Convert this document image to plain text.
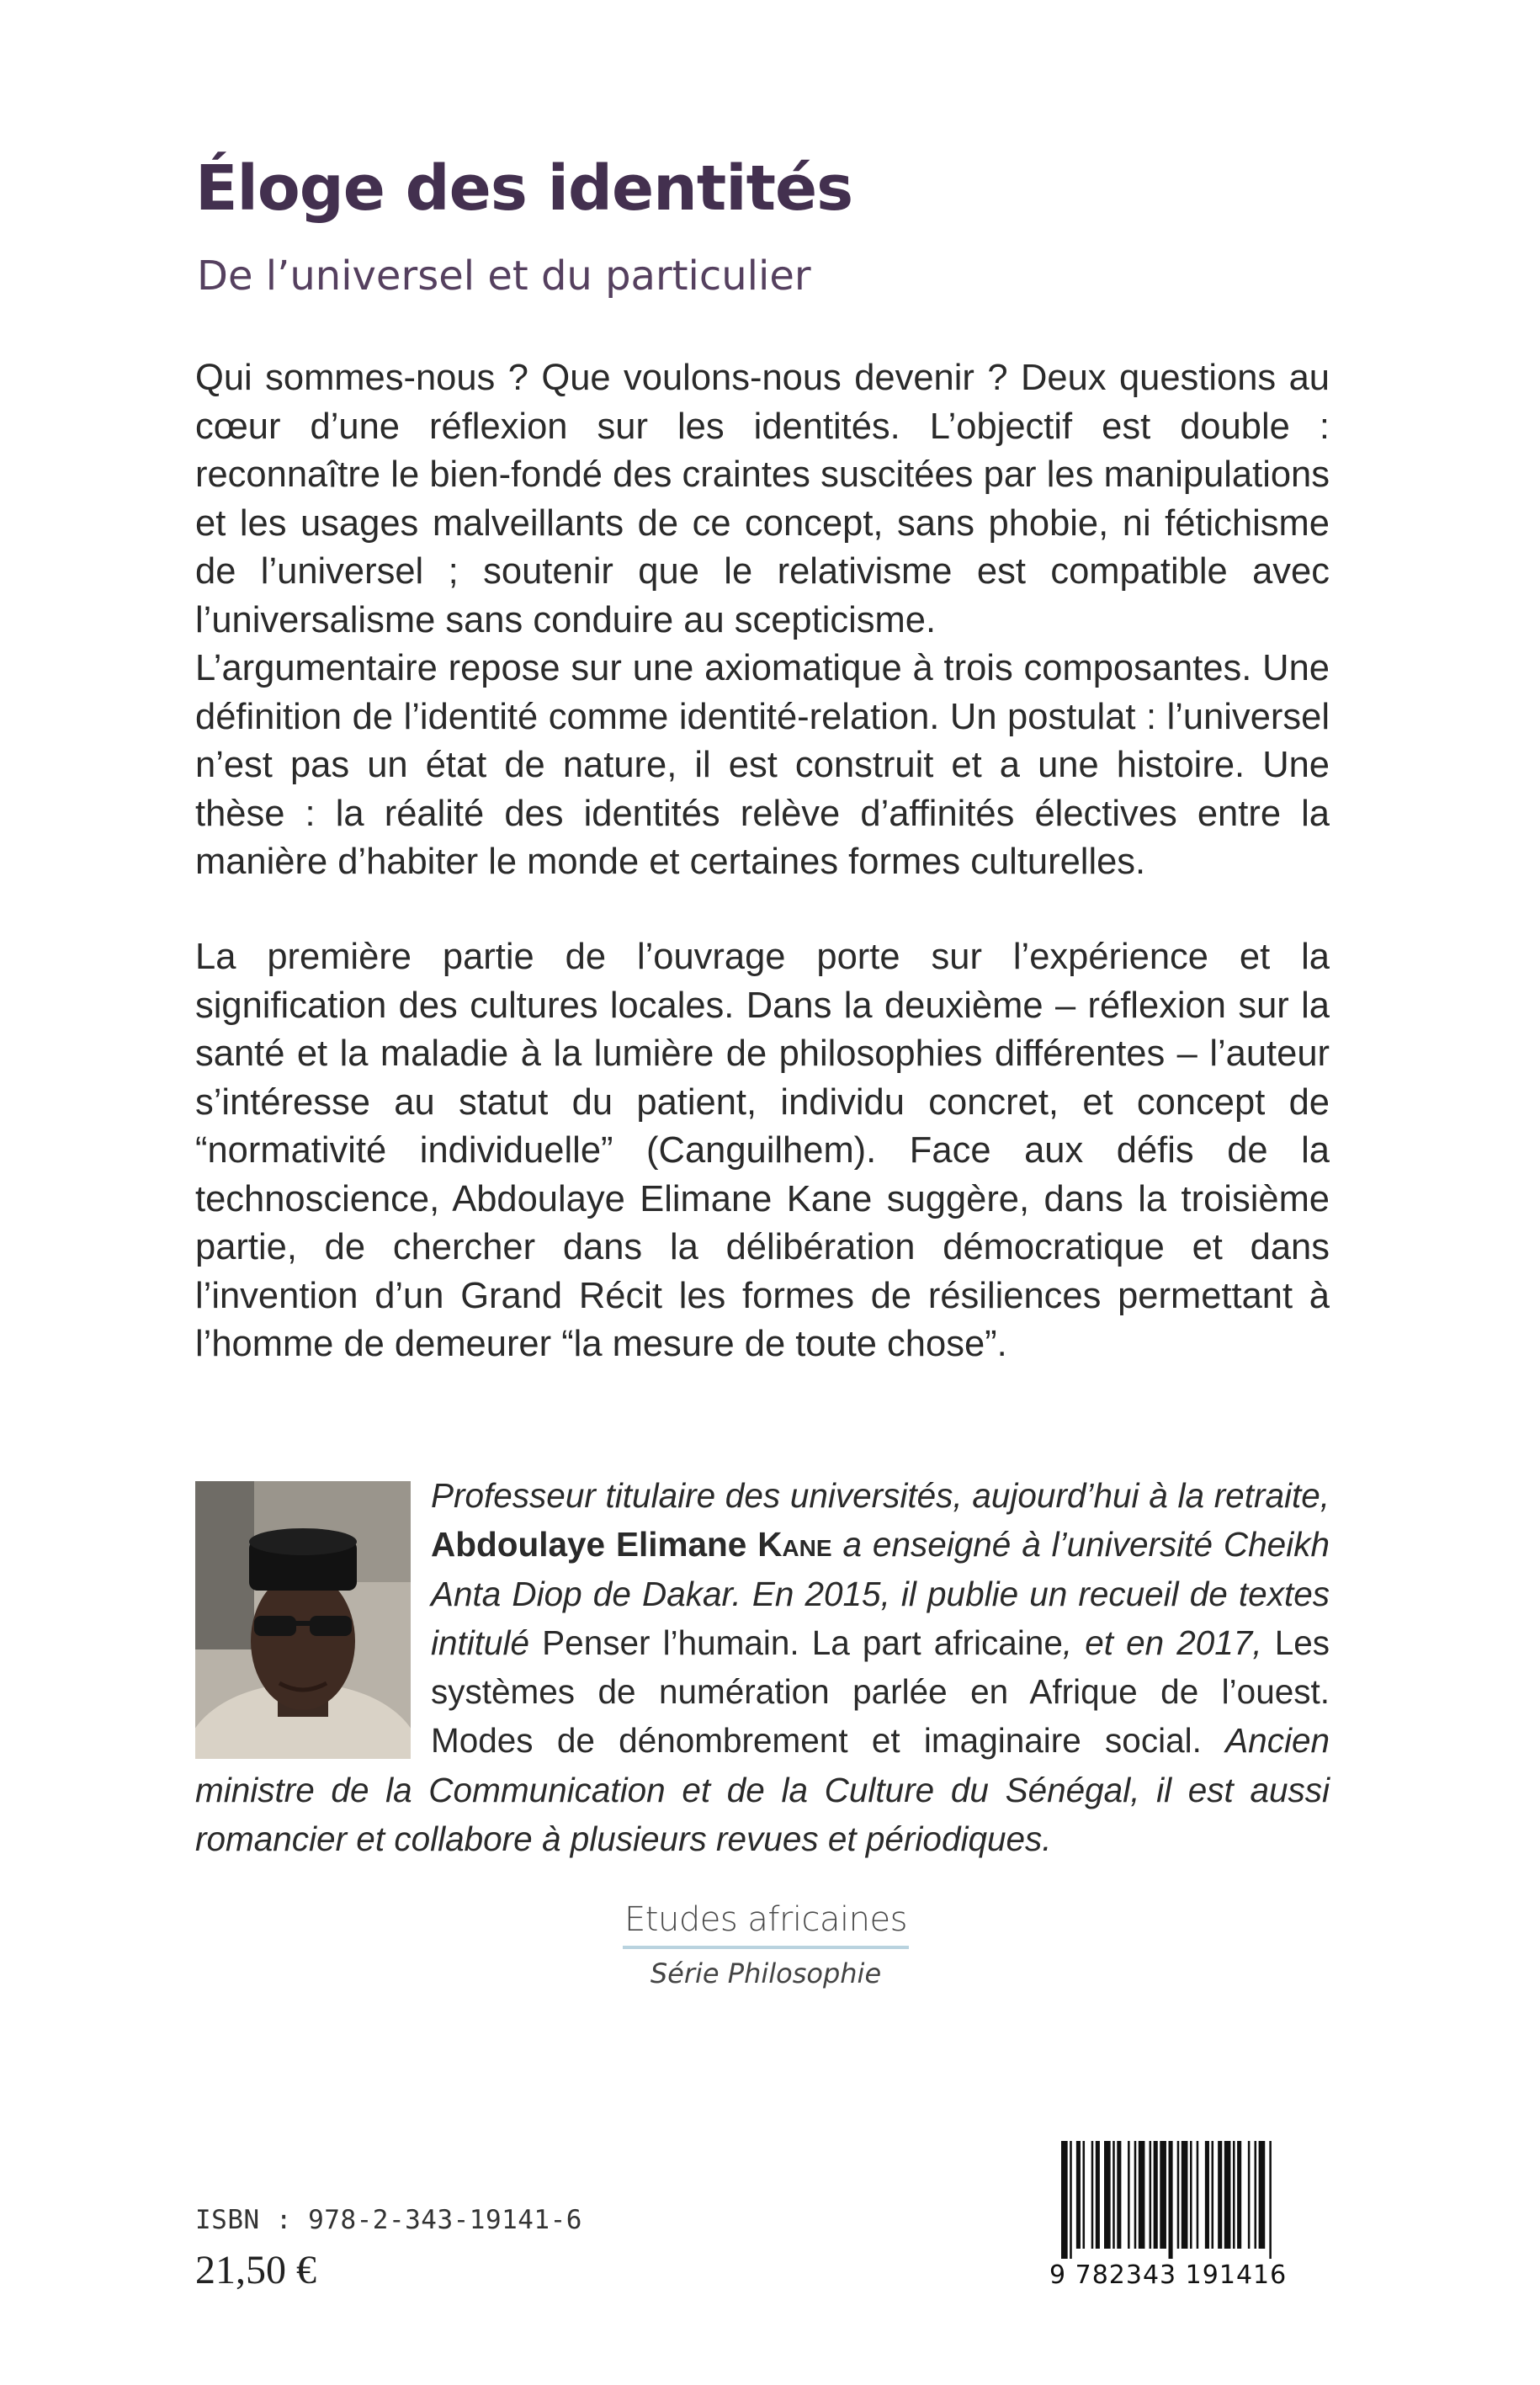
Éloge des identités
De l’universel et du particulier

Qui sommes-nous ? Que voulons-nous devenir ? Deux questions au cœur d’une réflexion sur les identités. L’objectif est double : reconnaître le bien-fondé des craintes suscitées par les manipulations et les usages malveillants de ce concept, sans phobie, ni fétichisme de l’universel ; soutenir que le relativisme est compatible avec l’universalisme sans conduire au scepticisme.

L’argumentaire repose sur une axiomatique à trois composantes. Une définition de l’identité comme identité-relation. Un postulat : l’universel n’est pas un état de nature, il est construit et a une histoire. Une thèse : la réalité des identités relève d’affinités électives entre la manière d’habiter le monde et certaines formes culturelles.

La première partie de l’ouvrage porte sur l’expérience et la signification des cultures locales. Dans la deuxième – réflexion sur la santé et la maladie à la lumière de philosophies différentes – l’auteur s’intéresse au statut du patient, individu concret, et concept de “normativité individuelle” (Canguilhem). Face aux défis de la technoscience, Abdoulaye Elimane Kane suggère, dans la troisième partie, de chercher dans la délibération démocratique et dans l’invention d’un Grand Récit les formes de résiliences permettant à l’homme de demeurer “la mesure de toute chose”.

Professeur titulaire des universités, aujourd’hui à la retraite, Abdoulaye Elimane Kane a enseigné à l’université Cheikh Anta Diop de Dakar. En 2015, il publie un recueil de textes intitulé Penser l’humain. La part africaine, et en 2017, Les systèmes de numération parlée en Afrique de l’ouest. Modes de dénombrement et imaginaire social. Ancien ministre de la Communication et de la Culture du Sénégal, il est aussi romancier et collabore à plusieurs revues et périodiques.

Etudes africaines
Série Philosophie

ISBN : 978-2-343-19141-6

21,50 €	9 782343 191416
